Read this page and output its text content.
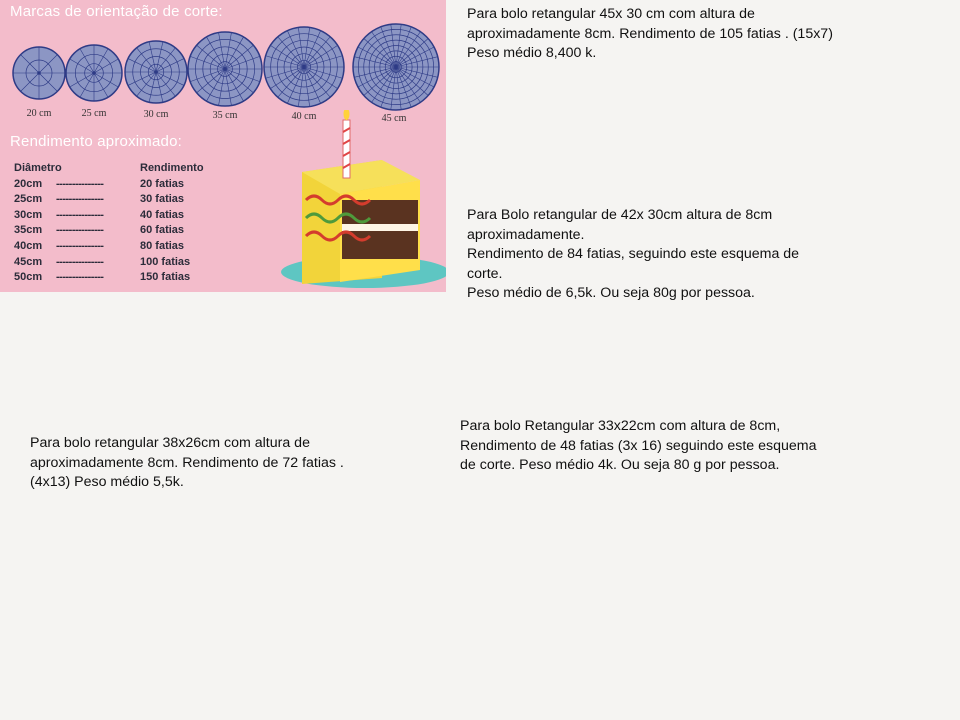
Marcas de orientação de corte:
20 cm	25 cm	30 cm	35 cm	40 cm	45 cm
Rendimento aproximado:
Diâmetro	Rendimento
20cm ---------------	20 fatias
25cm ---------------	30 fatias
30cm ---------------	40 fatias
35cm ---------------	60 fatias
40cm ---------------	80 fatias
45cm ---------------	100 fatias
50cm ---------------	150 fatias
Para bolo retangular 45x 30 cm com altura de
aproximadamente 8cm. Rendimento de 105 fatias . (15x7)
Peso médio 8,400 k.
Para Bolo retangular de 42x 30cm altura de 8cm
aproximadamente.
Rendimento de 84 fatias, seguindo este esquema de
corte.
Peso médio de 6,5k. Ou seja 80g por pessoa.
Para bolo retangular 38x26cm com altura de
aproximadamente 8cm. Rendimento de 72 fatias .
(4x13) Peso médio 5,5k.
Para bolo Retangular 33x22cm com altura de 8cm,
Rendimento de 48 fatias (3x 16) seguindo este esquema
de corte. Peso médio 4k. Ou seja 80 g por pessoa.
